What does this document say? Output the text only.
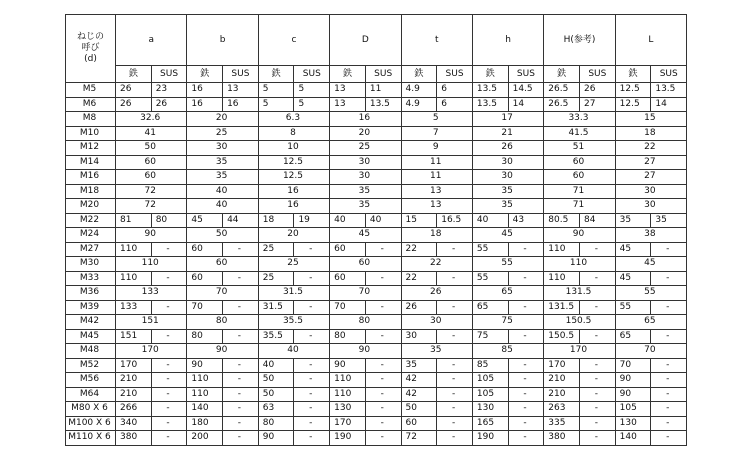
ねじの
呼び
(d)	a		b		c		D		t		h		H(参考)		L	
	鉄	SUS	鉄	SUS	鉄	SUS	鉄	SUS	鉄	SUS	鉄	SUS	鉄	SUS	鉄	SUS
M5	26	23	16	13	5	5	13	11	4.9	6	13.5	14.5	26.5	26	12.5	13.5
M6	26	26	16	16	5	5	13	13.5	4.9	6	13.5	14	26.5	27	12.5	14
M8	32.6		20		6.3		16		5		17		33.3		15	
M10	41		25		8		20		7		21		41.5		18	
M12	50		30		10		25		9		26		51		22	
M14	60		35		12.5		30		11		30		60		27	
M16	60		35		12.5		30		11		30		60		27	
M18	72		40		16		35		13		35		71		30	
M20	72		40		16		35		13		35		71		30	
M22	81	80	45	44	18	19	40	40	15	16.5	40	43	80.5	84	35	35
M24	90		50		20		45		18		45		90		38	
M27	110	-	60	-	25	-	60	-	22	-	55	-	110	-	45	-
M30	110		60		25		60		22		55		110		45	
M33	110	-	60	-	25	-	60	-	22	-	55	-	110	-	45	-
M36	133		70		31.5		70		26		65		131.5		55	
M39	133	-	70	-	31.5	-	70	-	26	-	65	-	131.5	-	55	-
M42	151		80		35.5		80		30		75		150.5		65	
M45	151	-	80	-	35.5	-	80	-	30	-	75	-	150.5	-	65	-
M48	170		90		40		90		35		85		170		70	
M52	170	-	90	-	40	-	90	-	35	-	85	-	170	-	70	-
M56	210	-	110	-	50	-	110	-	42	-	105	-	210	-	90	-
M64	210	-	110	-	50	-	110	-	42	-	105	-	210	-	90	-
M80 X 6	266	-	140	-	63	-	130	-	50	-	130	-	263	-	105	-
M100 X 6	340	-	180	-	80	-	170	-	60	-	165	-	335	-	130	-
M110 X 6	380	-	200	-	90	-	190	-	72	-	190	-	380	-	140	-
